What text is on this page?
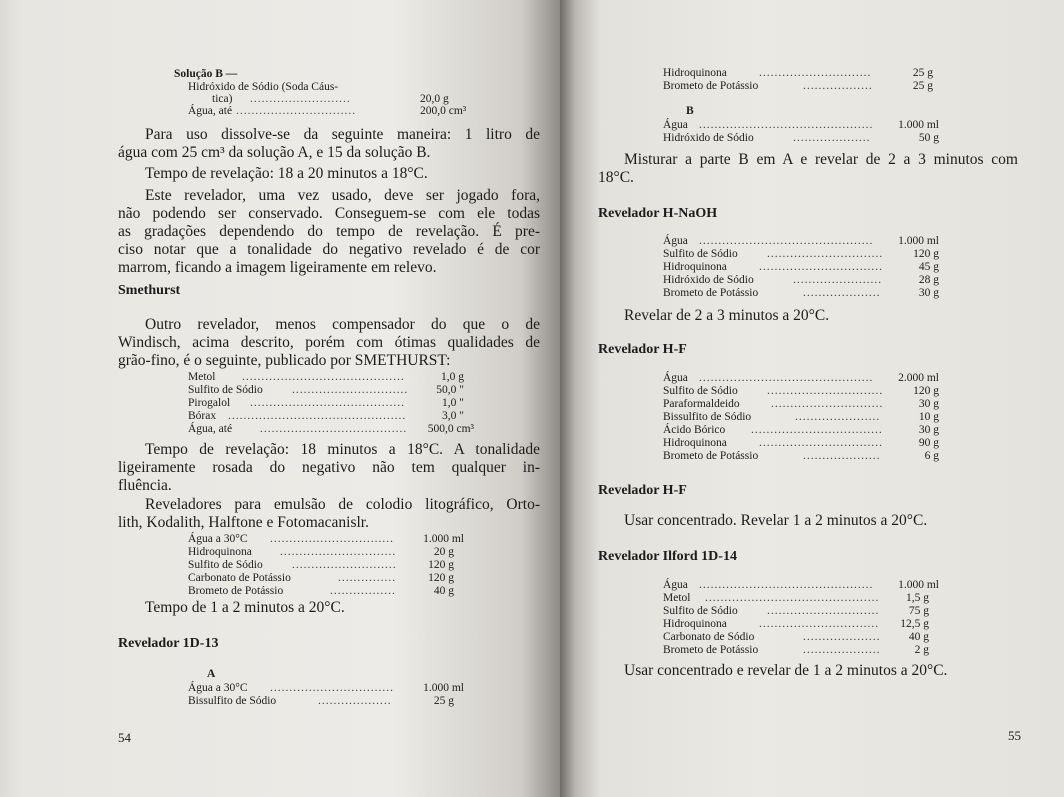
Solução B —
Hidróxido de Sódio (Soda Cáus-
tica) ..........................	20,0 g
Água, até ...............................	200,0 cm³
Para uso dissolve-se da seguinte maneira: 1 litro de
água com 25 cm³ da solução A, e 15 da solução B.
Tempo de revelação: 18 a 20 minutos a 18°C.
Este revelador, uma vez usado, deve ser jogado fora,
não podendo ser conservado. Conseguem-se com ele todas
as gradações dependendo do tempo de revelação. É pre-
ciso notar que a tonalidade do negativo revelado é de cor
marrom, ficando a imagem ligeiramente em relevo.
Smethurst
Outro revelador, menos compensador do que o de
Windisch, acima descrito, porém com ótimas qualidades de
grão-fino, é o seguinte, publicado por SMETHURST:
Metol ..........................................	1,0 g
Sulfito de Sódio	..............................	50,0 "
Pirogalol ........................................	1,0 "
Bórax ..............................................	3,0 "
Água, até ......................................	500,0 cm³
Tempo de revelação: 18 minutos a 18°C. A tonalidade
ligeiramente rosada do negativo não tem qualquer in-
fluência.
Reveladores para emulsão de colodio litográfico, Orto-
lith, Kodalith, Halftone e Fotomacanislr.
Água a 30°C ................................	1.000 ml
Hidroquinona ..............................	20 g
Sulfito de Sódio	...........................	120 g
Carbonato de Potássio	...............	120 g
Brometo de Potássio	.................	40 g
Tempo de 1 a 2 minutos a 20°C.
Revelador 1D-13
A
Água a 30°C ................................	1.000 ml
Bissulfito de Sódio	...................	25 g
54
Hidroquinona	.............................	25 g
Brometo de Potássio	..................	25 g
B
Água .............................................	1.000 ml
Hidróxido de Sódio	....................	50 g
Misturar a parte B em A e revelar de 2 a 3 minutos com
18°C.
Revelador H-NaOH
Água .............................................	1.000 ml
Sulfito de Sódio	..............................	120 g
Hidroquinona	................................	45 g
Hidróxido de Sódio	.......................	28 g
Brometo de Potássio	....................	30 g
Revelar de 2 a 3 minutos a 20°C.
Revelador H-F
Água .............................................	2.000 ml
Sulfito de Sódio	..............................	120 g
Paraformaldeido	.............................	30 g
Bissulfito de Sódio	......................	10 g
Ácido Bórico ..................................	30 g
Hidroquinona	................................	90 g
Brometo de Potássio	....................	6 g
Revelador H-F
Usar concentrado. Revelar 1 a 2 minutos a 20°C.
Revelador Ilford 1D-14
Água .............................................	1.000 ml
Metol .............................................	1,5 g
Sulfito de Sódio	.............................	75 g
Hidroquinona	...............................	12,5 g
Carbonato de Sódio	....................	40 g
Brometo de Potássio	....................	2 g
Usar concentrado e revelar de 1 a 2 minutos a 20°C.
55
